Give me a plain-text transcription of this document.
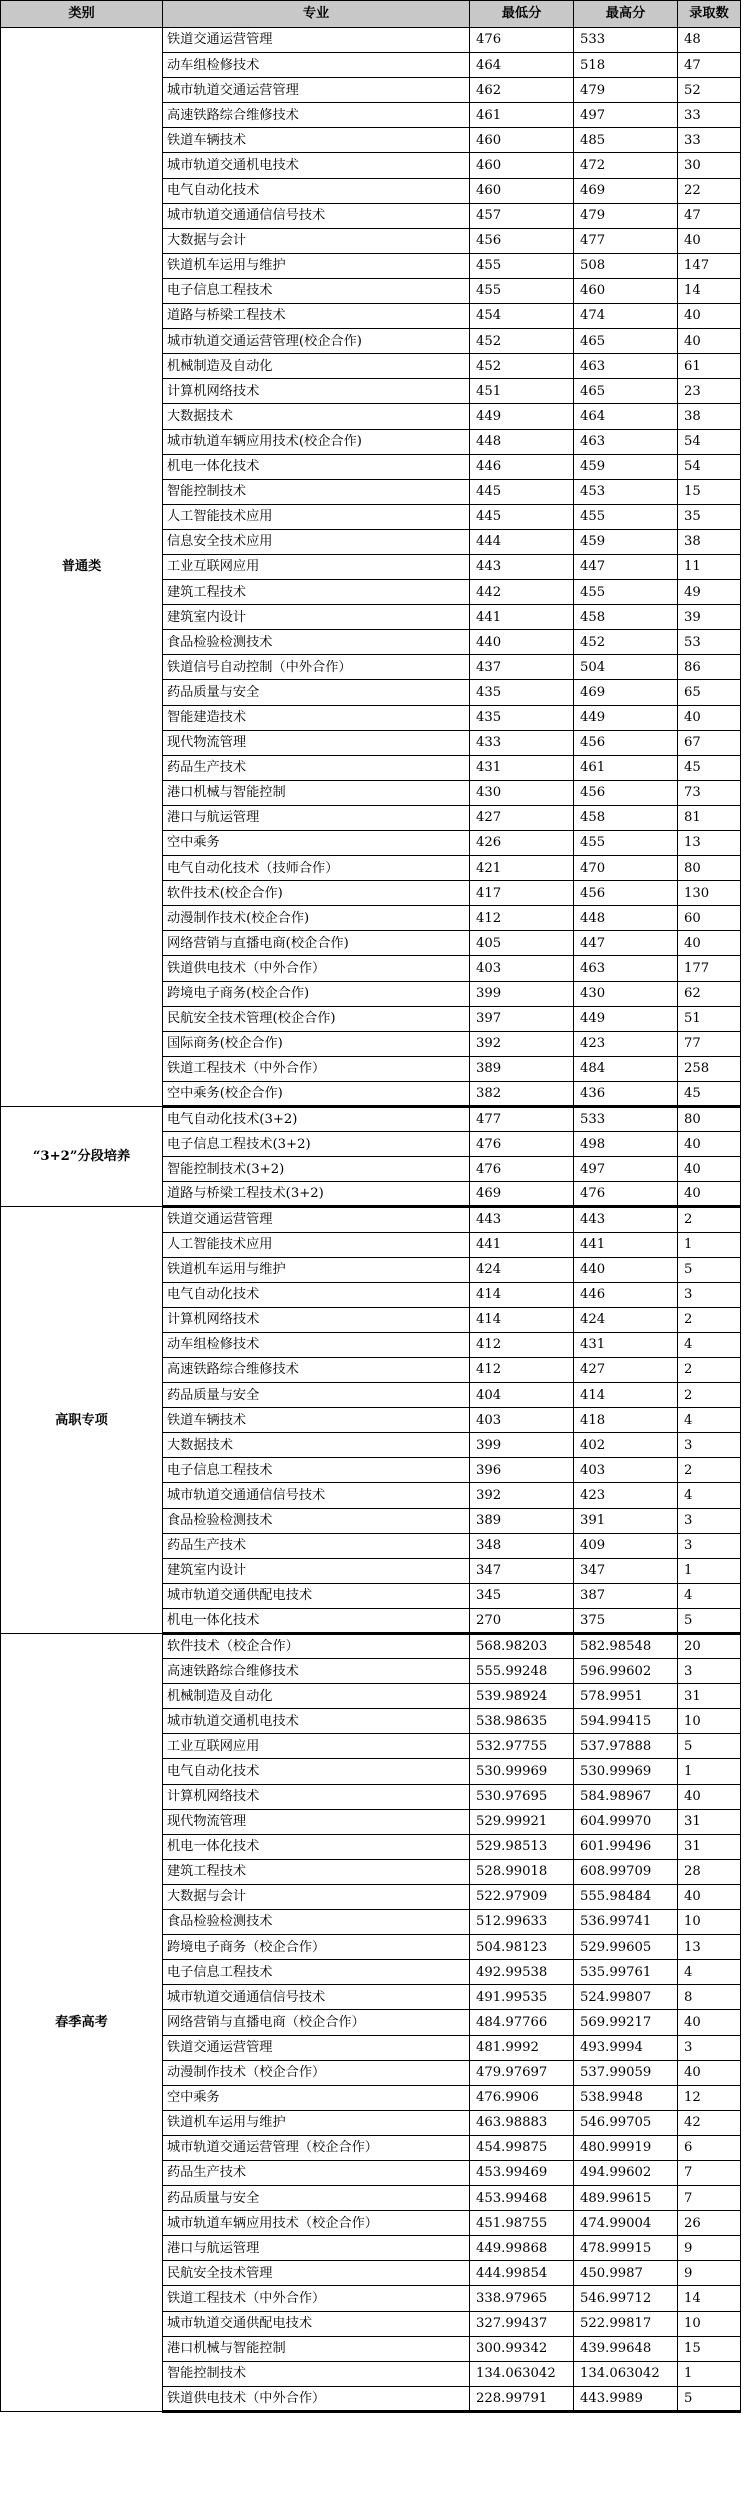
类别	专业	最低分	最高分	录取数
普通类	铁道交通运营管理	476	533	48
	动车组检修技术	464	518	47
	城市轨道交通运营管理	462	479	52
	高速铁路综合维修技术	461	497	33
	铁道车辆技术	460	485	33
	城市轨道交通机电技术	460	472	30
	电气自动化技术	460	469	22
	城市轨道交通通信信号技术	457	479	47
	大数据与会计	456	477	40
	铁道机车运用与维护	455	508	147
	电子信息工程技术	455	460	14
	道路与桥梁工程技术	454	474	40
	城市轨道交通运营管理(校企合作)	452	465	40
	机械制造及自动化	452	463	61
	计算机网络技术	451	465	23
	大数据技术	449	464	38
	城市轨道车辆应用技术(校企合作)	448	463	54
	机电一体化技术	446	459	54
	智能控制技术	445	453	15
	人工智能技术应用	445	455	35
	信息安全技术应用	444	459	38
	工业互联网应用	443	447	11
	建筑工程技术	442	455	49
	建筑室内设计	441	458	39
	食品检验检测技术	440	452	53
	铁道信号自动控制（中外合作）	437	504	86
	药品质量与安全	435	469	65
	智能建造技术	435	449	40
	现代物流管理	433	456	67
	药品生产技术	431	461	45
	港口机械与智能控制	430	456	73
	港口与航运管理	427	458	81
	空中乘务	426	455	13
	电气自动化技术（技师合作）	421	470	80
	软件技术(校企合作)	417	456	130
	动漫制作技术(校企合作)	412	448	60
	网络营销与直播电商(校企合作)	405	447	40
	铁道供电技术（中外合作）	403	463	177
	跨境电子商务(校企合作)	399	430	62
	民航安全技术管理(校企合作)	397	449	51
	国际商务(校企合作)	392	423	77
	铁道工程技术（中外合作）	389	484	258
	空中乘务(校企合作)	382	436	45
“3+2”分段培养	电气自动化技术(3+2)	477	533	80
	电子信息工程技术(3+2)	476	498	40
	智能控制技术(3+2)	476	497	40
	道路与桥梁工程技术(3+2)	469	476	40
高职专项	铁道交通运营管理	443	443	2
	人工智能技术应用	441	441	1
	铁道机车运用与维护	424	440	5
	电气自动化技术	414	446	3
	计算机网络技术	414	424	2
	动车组检修技术	412	431	4
	高速铁路综合维修技术	412	427	2
	药品质量与安全	404	414	2
	铁道车辆技术	403	418	4
	大数据技术	399	402	3
	电子信息工程技术	396	403	2
	城市轨道交通通信信号技术	392	423	4
	食品检验检测技术	389	391	3
	药品生产技术	348	409	3
	建筑室内设计	347	347	1
	城市轨道交通供配电技术	345	387	4
	机电一体化技术	270	375	5
春季高考	软件技术（校企合作）	568.98203	582.98548	20
	高速铁路综合维修技术	555.99248	596.99602	3
	机械制造及自动化	539.98924	578.9951	31
	城市轨道交通机电技术	538.98635	594.99415	10
	工业互联网应用	532.97755	537.97888	5
	电气自动化技术	530.99969	530.99969	1
	计算机网络技术	530.97695	584.98967	40
	现代物流管理	529.99921	604.99970	31
	机电一体化技术	529.98513	601.99496	31
	建筑工程技术	528.99018	608.99709	28
	大数据与会计	522.97909	555.98484	40
	食品检验检测技术	512.99633	536.99741	10
	跨境电子商务（校企合作）	504.98123	529.99605	13
	电子信息工程技术	492.99538	535.99761	4
	城市轨道交通通信信号技术	491.99535	524.99807	8
	网络营销与直播电商（校企合作）	484.97766	569.99217	40
	铁道交通运营管理	481.9992	493.9994	3
	动漫制作技术（校企合作）	479.97697	537.99059	40
	空中乘务	476.9906	538.9948	12
	铁道机车运用与维护	463.98883	546.99705	42
	城市轨道交通运营管理（校企合作）	454.99875	480.99919	6
	药品生产技术	453.99469	494.99602	7
	药品质量与安全	453.99468	489.99615	7
	城市轨道车辆应用技术（校企合作）	451.98755	474.99004	26
	港口与航运管理	449.99868	478.99915	9
	民航安全技术管理	444.99854	450.9987	9
	铁道工程技术（中外合作）	338.97965	546.99712	14
	城市轨道交通供配电技术	327.99437	522.99817	10
	港口机械与智能控制	300.99342	439.99648	15
	智能控制技术	134.063042	134.063042	1
	铁道供电技术（中外合作）	228.99791	443.9989	5
